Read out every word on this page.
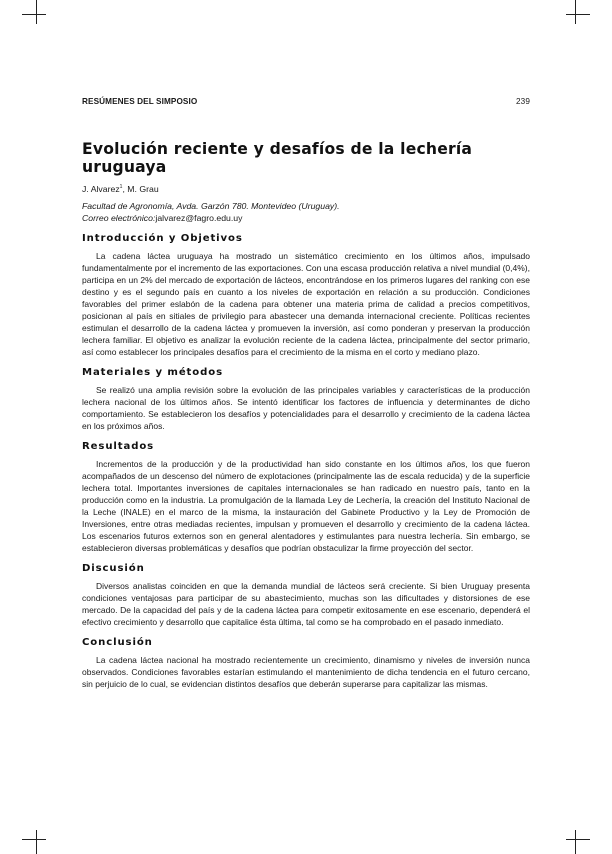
RESÚMENES DEL SIMPOSIO	239
Evolución reciente y desafíos de la lechería uruguaya
J. Alvarez$^1$, M. Grau
Facultad de Agronomía, Avda. Garzón 780. Montevideo (Uruguay).
Correo electrónico:jalvarez@fagro.edu.uy
Introducción y Objetivos

La cadena láctea uruguaya ha mostrado un sistemático crecimiento en los últimos años, impulsado fundamentalmente por el incremento de las exportaciones. Con una escasa producción relativa a nivel mundial (0,4%), participa en un 2% del mercado de exportación de lácteos, encontrándose en los primeros lugares del ranking con ese destino y es el segundo país en cuanto a los niveles de exportación en relación a su producción. Condiciones favorables del primer eslabón de la cadena para obtener una materia prima de calidad a precios competitivos, posicionan al país en sitiales de privilegio para abastecer una demanda internacional creciente. Políticas recientes estimulan el desarrollo de la cadena láctea y promueven la inversión, así como ponderan y preservan la producción lechera familiar. El objetivo es analizar la evolución reciente de la cadena láctea, principalmente del sector primario, así como establecer los principales desafíos para el crecimiento de la misma en el corto y mediano plazo.

Materiales y métodos

Se realizó una amplia revisión sobre la evolución de las principales variables y características de la producción lechera nacional de los últimos años. Se intentó identificar los factores de influencia y determinantes de dicho comportamiento. Se establecieron los desafíos y potencialidades para el desarrollo y crecimiento de la cadena láctea en los próximos años.

Resultados

Incrementos de la producción y de la productividad han sido constante en los últimos años, los que fueron acompañados de un descenso del número de explotaciones (principalmente las de escala reducida) y de la superficie lechera total. Importantes inversiones de capitales internacionales se han radicado en nuestro país, tanto en la producción como en la industria. La promulgación de la llamada Ley de Lechería, la creación del Instituto Nacional de la Leche (INALE) en el marco de la misma, la instauración del Gabinete Productivo y la Ley de Promoción de Inversiones, entre otras mediadas recientes, impulsan y promueven el desarrollo y crecimiento de la cadena láctea. Los escenarios futuros externos son en general alentadores y estimulantes para nuestra lechería. Sin embargo, se establecieron diversas problemáticas y desafíos que podrían obstaculizar la firme proyección del sector.

Discusión

Diversos analistas coinciden en que la demanda mundial de lácteos será creciente. Si bien Uruguay presenta condiciones ventajosas para participar de su abastecimiento, muchas son las dificultades y distorsiones de ese mercado. De la capacidad del país y de la cadena láctea para competir exitosamente en ese escenario, dependerá el efectivo crecimiento y desarrollo que capitalice ésta última, tal como se ha comprobado en el pasado inmediato.

Conclusión

La cadena láctea nacional ha mostrado recientemente un crecimiento, dinamismo y niveles de inversión nunca observados. Condiciones favorables estarían estimulando el mantenimiento de dicha tendencia en el futuro cercano, sin perjuicio de lo cual, se evidencian distintos desafíos que deberán superarse para capitalizar las mismas.
